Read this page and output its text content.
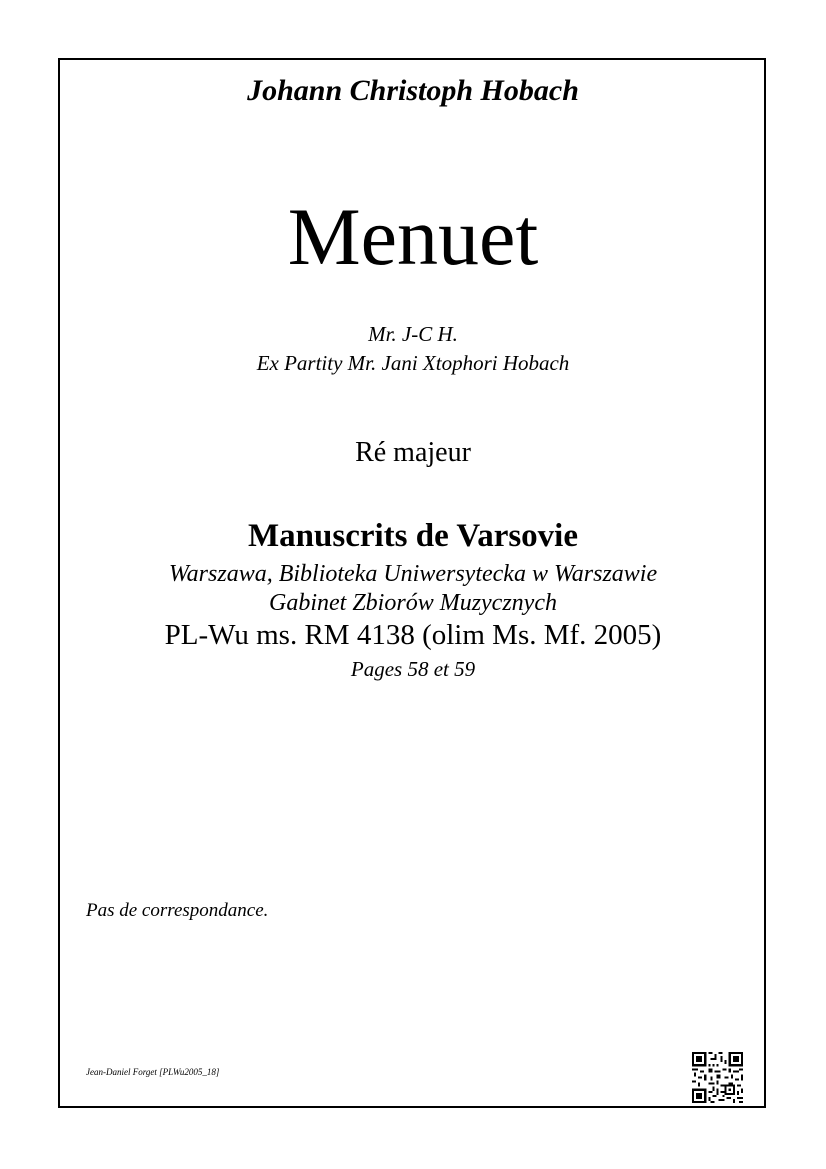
Johann Christoph Hobach
Menuet
Mr. J-C H.
Ex Partity Mr. Jani Xtophori Hobach
Ré majeur
Manuscrits de Varsovie
Warszawa, Biblioteka Uniwersytecka w Warszawie
Gabinet Zbiorów Muzycznych
PL-Wu ms. RM 4138 (olim Ms. Mf. 2005)
Pages 58 et 59
Pas de correspondance.
Jean-Daniel Forget [PLWu2005_18]
